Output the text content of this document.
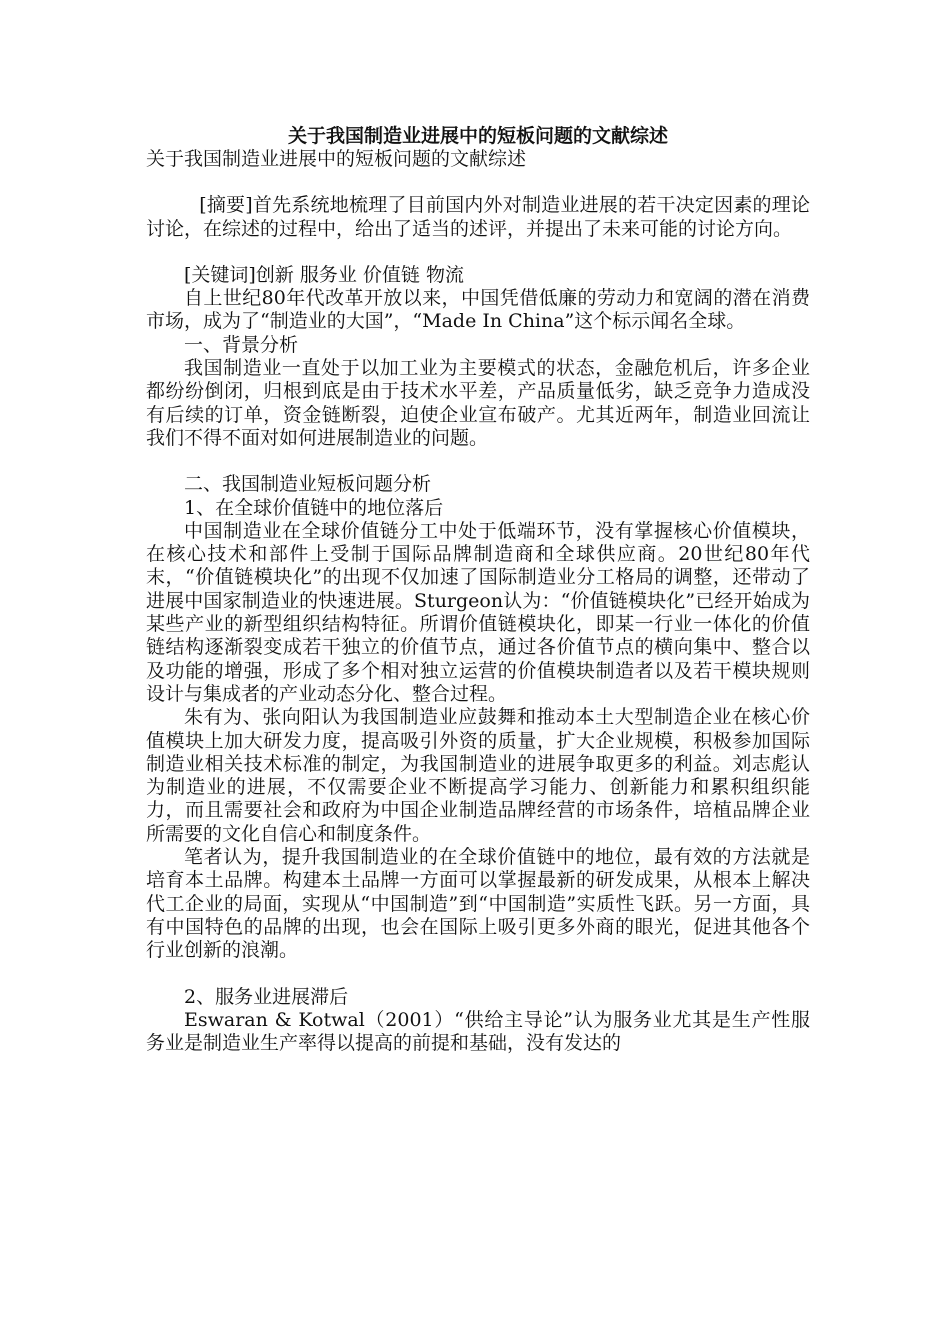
关于我国制造业进展中的短板问题的文献综述
关于我国制造业进展中的短板问题的文献综述

[摘要]首先系统地梳理了目前国内外对制造业进展的若干决定因素的理论讨论，在综述的过程中，给出了适当的述评，并提出了未来可能的讨论方向。

[关键词]创新 服务业 价值链 物流

自上世纪80年代改革开放以来，中国凭借低廉的劳动力和宽阔的潜在消费市场，成为了“制造业的大国”，“Made In China”这个标示闻名全球。

一、背景分析

我国制造业一直处于以加工业为主要模式的状态，金融危机后，许多企业都纷纷倒闭，归根到底是由于技术水平差，产品质量低劣，缺乏竞争力造成没有后续的订单，资金链断裂，迫使企业宣布破产。尤其近两年，制造业回流让我们不得不面对如何进展制造业的问题。

二、我国制造业短板问题分析
1、在全球价值链中的地位落后

中国制造业在全球价值链分工中处于低端环节，没有掌握核心价值模块，在核心技术和部件上受制于国际品牌制造商和全球供应商。20世纪80年代末，“价值链模块化”的出现不仅加速了国际制造业分工格局的调整，还带动了进展中国家制造业的快速进展。Sturgeon认为：“价值链模块化”已经开始成为某些产业的新型组织结构特征。所谓价值链模块化，即某一行业一体化的价值链结构逐渐裂变成若干独立的价值节点，通过各价值节点的横向集中、整合以及功能的增强，形成了多个相对独立运营的价值模块制造者以及若干模块规则设计与集成者的产业动态分化、整合过程。

朱有为、张向阳认为我国制造业应鼓舞和推动本土大型制造企业在核心价值模块上加大研发力度，提高吸引外资的质量，扩大企业规模，积极参加国际制造业相关技术标准的制定，为我国制造业的进展争取更多的利益。刘志彪认为制造业的进展，不仅需要企业不断提高学习能力、创新能力和累积组织能力，而且需要社会和政府为中国企业制造品牌经营的市场条件，培植品牌企业所需要的文化自信心和制度条件。

笔者认为，提升我国制造业的在全球价值链中的地位，最有效的方法就是培育本土品牌。构建本土品牌一方面可以掌握最新的研发成果，从根本上解决代工企业的局面，实现从“中国制造”到“中国制造”实质性飞跃。另一方面，具有中国特色的品牌的出现，也会在国际上吸引更多外商的眼光，促进其他各个行业创新的浪潮。

2、服务业进展滞后

Eswaran & Kotwal（2001）“供给主导论”认为服务业尤其是生产性服务业是制造业生产率得以提高的前提和基础，没有发达的
